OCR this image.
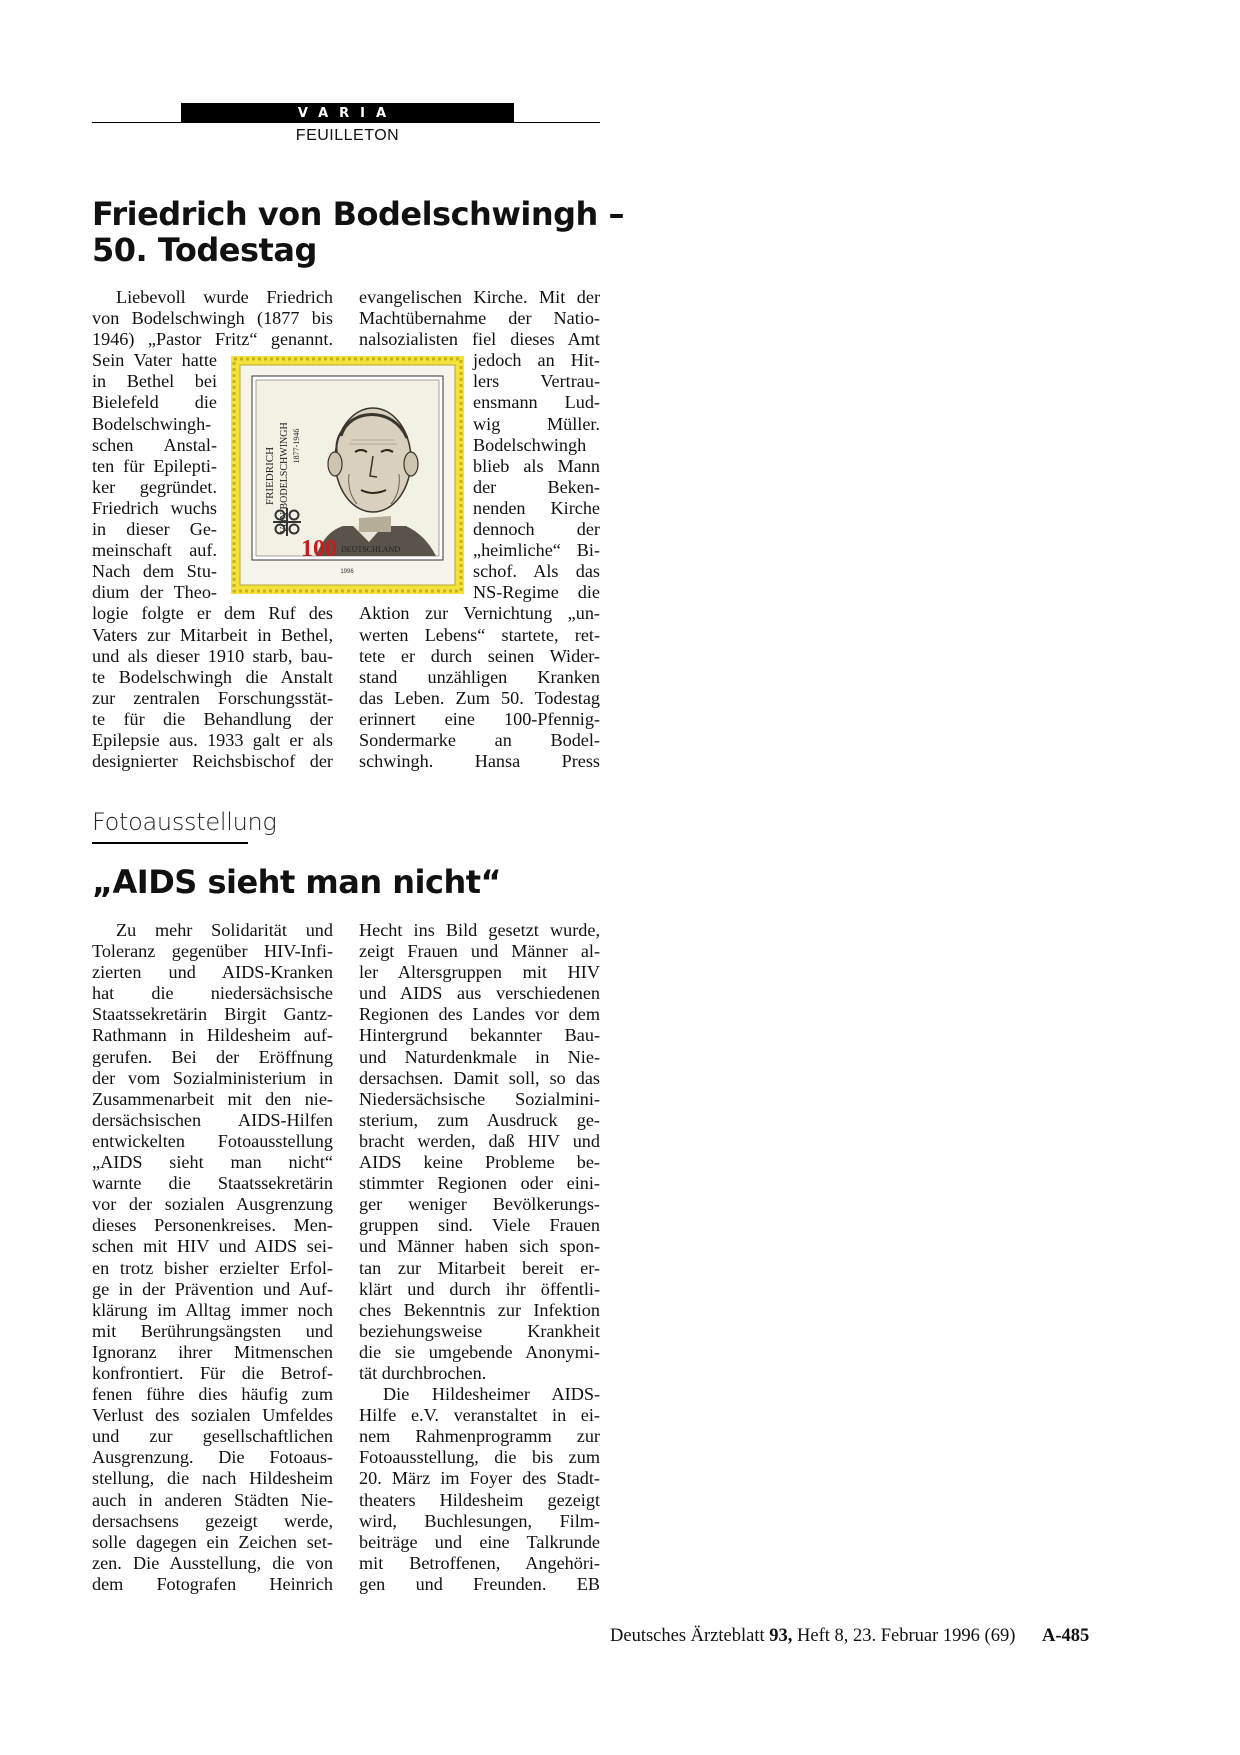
VARIA
FEUILLETON
Friedrich von Bodelschwingh –
50. Todestag
Liebevoll wurde Friedrich
von Bodelschwingh (1877 bis
1946) „Pastor Fritz“ genannt.
Sein Vater hatte
in Bethel bei
Bielefeld die
Bodelschwingh-
schen Anstal-
ten für Epilepti-
ker gegründet.
Friedrich wuchs
in dieser Ge-
meinschaft auf.
Nach dem Stu-
dium der Theo-
logie folgte er dem Ruf des
Vaters zur Mitarbeit in Bethel,
und als dieser 1910 starb, bau-
te Bodelschwingh die Anstalt
zur zentralen Forschungsstät-
te für die Behandlung der
Epilepsie aus. 1933 galt er als
designierter Reichsbischof der
evangelischen Kirche. Mit der
Machtübernahme der Natio-
nalsozialisten fiel dieses Amt
jedoch an Hit-
lers Vertrau-
ensmann Lud-
wig Müller.
Bodelschwingh
blieb als Mann
der Beken-
nenden Kirche
dennoch der
„heimliche“ Bi-
schof. Als das
NS-Regime die
Aktion zur Vernichtung „un-
werten Lebens“ startete, ret-
tete er durch seinen Wider-
stand unzähligen Kranken
das Leben. Zum 50. Todestag
erinnert eine 100-Pfennig-
Sondermarke an Bodel-
schwingh. Hansa Press
FRIEDRICH VON BODELSCHWINGH 1877-1946
100 DEUTSCHLAND
1996
Fotoausstellung
„AIDS sieht man nicht“
Zu mehr Solidarität und
Toleranz gegenüber HIV-Infi-
zierten und AIDS-Kranken
hat die niedersächsische
Staatssekretärin Birgit Gantz-
Rathmann in Hildesheim auf-
gerufen. Bei der Eröffnung
der vom Sozialministerium in
Zusammenarbeit mit den nie-
dersächsischen AIDS-Hilfen
entwickelten Fotoausstellung
„AIDS sieht man nicht“
warnte die Staatssekretärin
vor der sozialen Ausgrenzung
dieses Personenkreises. Men-
schen mit HIV und AIDS sei-
en trotz bisher erzielter Erfol-
ge in der Prävention und Auf-
klärung im Alltag immer noch
mit Berührungsängsten und
Ignoranz ihrer Mitmenschen
konfrontiert. Für die Betrof-
fenen führe dies häufig zum
Verlust des sozialen Umfeldes
und zur gesellschaftlichen
Ausgrenzung. Die Fotoaus-
stellung, die nach Hildesheim
auch in anderen Städten Nie-
dersachsens gezeigt werde,
solle dagegen ein Zeichen set-
zen. Die Ausstellung, die von
dem Fotografen Heinrich
Hecht ins Bild gesetzt wurde,
zeigt Frauen und Männer al-
ler Altersgruppen mit HIV
und AIDS aus verschiedenen
Regionen des Landes vor dem
Hintergrund bekannter Bau-
und Naturdenkmale in Nie-
dersachsen. Damit soll, so das
Niedersächsische Sozialmini-
sterium, zum Ausdruck ge-
bracht werden, daß HIV und
AIDS keine Probleme be-
stimmter Regionen oder eini-
ger weniger Bevölkerungs-
gruppen sind. Viele Frauen
und Männer haben sich spon-
tan zur Mitarbeit bereit er-
klärt und durch ihr öffentli-
ches Bekenntnis zur Infektion
beziehungsweise Krankheit
die sie umgebende Anonymi-
tät durchbrochen.
Die Hildesheimer AIDS-
Hilfe e.V. veranstaltet in ei-
nem Rahmenprogramm zur
Fotoausstellung, die bis zum
20. März im Foyer des Stadt-
theaters Hildesheim gezeigt
wird, Buchlesungen, Film-
beiträge und eine Talkrunde
mit Betroffenen, Angehöri-
gen und Freunden. EB
Deutsches Ärzteblatt 93, Heft 8, 23. Februar 1996 (69) A-485
